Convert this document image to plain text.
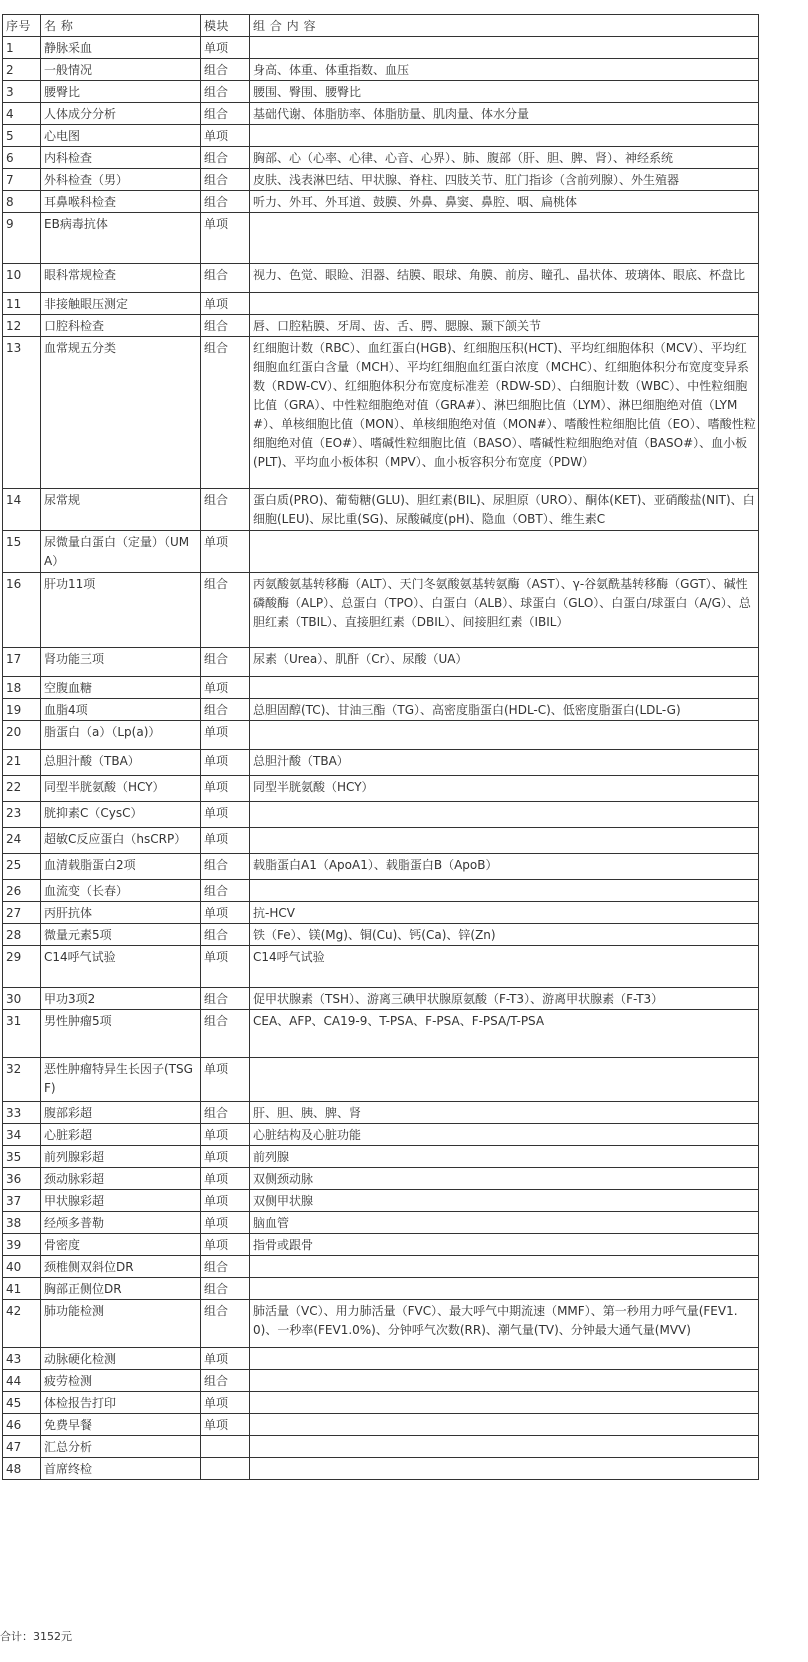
序号	名 称	模块	组 合 内 容
1	静脉采血	单项	
2	一般情况	组合	身高、体重、体重指数、血压
3	腰臀比	组合	腰围、臀围、腰臀比
4	人体成分分析	组合	基础代谢、体脂肪率、体脂肪量、肌肉量、体水分量
5	心电图	单项	
6	内科检查	组合	胸部、心（心率、心律、心音、心界）、肺、腹部（肝、胆、脾、肾）、神经系统
7	外科检查（男）	组合	皮肤、浅表淋巴结、甲状腺、脊柱、四肢关节、肛门指诊（含前列腺）、外生殖器
8	耳鼻喉科检查	组合	听力、外耳、外耳道、鼓膜、外鼻、鼻窦、鼻腔、咽、扁桃体
9	EB病毒抗体	单项	
10	眼科常规检查	组合	视力、色觉、眼睑、泪器、结膜、眼球、角膜、前房、瞳孔、晶状体、玻璃体、眼底、杯盘比
11	非接触眼压测定	单项	
12	口腔科检查	组合	唇、口腔粘膜、牙周、齿、舌、腭、腮腺、颞下颌关节
13	血常规五分类	组合	红细胞计数（RBC）、血红蛋白(HGB)、红细胞压积(HCT)、平均红细胞体积（MCV）、平均红细胞血红蛋白含量（MCH）、平均红细胞血红蛋白浓度（MCHC）、红细胞体积分布宽度变异系数（RDW-CV）、红细胞体积分布宽度标准差（RDW-SD）、白细胞计数（WBC）、中性粒细胞比值（GRA）、中性粒细胞绝对值（GRA#）、淋巴细胞比值（LYM）、淋巴细胞绝对值（LYM#）、单核细胞比值（MON）、单核细胞绝对值（MON#）、嗜酸性粒细胞比值（EO）、嗜酸性粒细胞绝对值（EO#）、嗜碱性粒细胞比值（BASO）、嗜碱性粒细胞绝对值（BASO#）、血小板(PLT)、平均血小板体积（MPV）、血小板容积分布宽度（PDW）
14	尿常规	组合	蛋白质(PRO)、葡萄糖(GLU)、胆红素(BIL)、尿胆原（URO）、酮体(KET)、亚硝酸盐(NIT)、白细胞(LEU)、尿比重(SG)、尿酸碱度(pH)、隐血（OBT）、维生素C
15	尿微量白蛋白（定量）（UMA）	单项	
16	肝功11项	组合	丙氨酸氨基转移酶（ALT）、天门冬氨酸氨基转氨酶（AST）、γ-谷氨酰基转移酶（GGT）、碱性磷酸酶（ALP）、总蛋白（TPO）、白蛋白（ALB）、球蛋白（GLO）、白蛋白/球蛋白（A/G）、总胆红素（TBIL）、直接胆红素（DBIL）、间接胆红素（IBIL）
17	肾功能三项	组合	尿素（Urea）、肌酐（Cr）、尿酸（UA）
18	空腹血糖	单项	
19	血脂4项	组合	总胆固醇(TC)、甘油三酯（TG）、高密度脂蛋白(HDL-C)、低密度脂蛋白(LDL-G)
20	脂蛋白（a）（Lp(a)）	单项	
21	总胆汁酸（TBA）	单项	总胆汁酸（TBA）
22	同型半胱氨酸（HCY）	单项	同型半胱氨酸（HCY）
23	胱抑素C（CysC）	单项	
24	超敏C反应蛋白（hsCRP）	单项	
25	血清载脂蛋白2项	组合	载脂蛋白A1（ApoA1）、载脂蛋白B（ApoB）
26	血流变（长春）	组合	
27	丙肝抗体	单项	抗-HCV
28	微量元素5项	组合	铁（Fe）、镁(Mg)、铜(Cu)、钙(Ca)、锌(Zn)
29	C14呼气试验	单项	C14呼气试验
30	甲功3项2	组合	促甲状腺素（TSH）、游离三碘甲状腺原氨酸（F-T3）、游离甲状腺素（F-T3）
31	男性肿瘤5项	组合	CEA、AFP、CA19-9、T-PSA、F-PSA、F-PSA/T-PSA
32	恶性肿瘤特异生长因子(TSGF)	单项	
33	腹部彩超	组合	肝、胆、胰、脾、肾
34	心脏彩超	单项	心脏结构及心脏功能
35	前列腺彩超	单项	前列腺
36	颈动脉彩超	单项	双侧颈动脉
37	甲状腺彩超	单项	双侧甲状腺
38	经颅多普勒	单项	脑血管
39	骨密度	单项	指骨或跟骨
40	颈椎侧双斜位DR	组合	
41	胸部正侧位DR	组合	
42	肺功能检测	组合	肺活量（VC）、用力肺活量（FVC）、最大呼气中期流速（MMF）、第一秒用力呼气量(FEV1.0)、一秒率(FEV1.0%)、分钟呼气次数(RR)、潮气量(TV)、分钟最大通气量(MVV)
43	动脉硬化检测	单项	
44	疲劳检测	组合	
45	体检报告打印	单项	
46	免费早餐	单项	
47	汇总分析		
48	首席终检		
合计：3152元
